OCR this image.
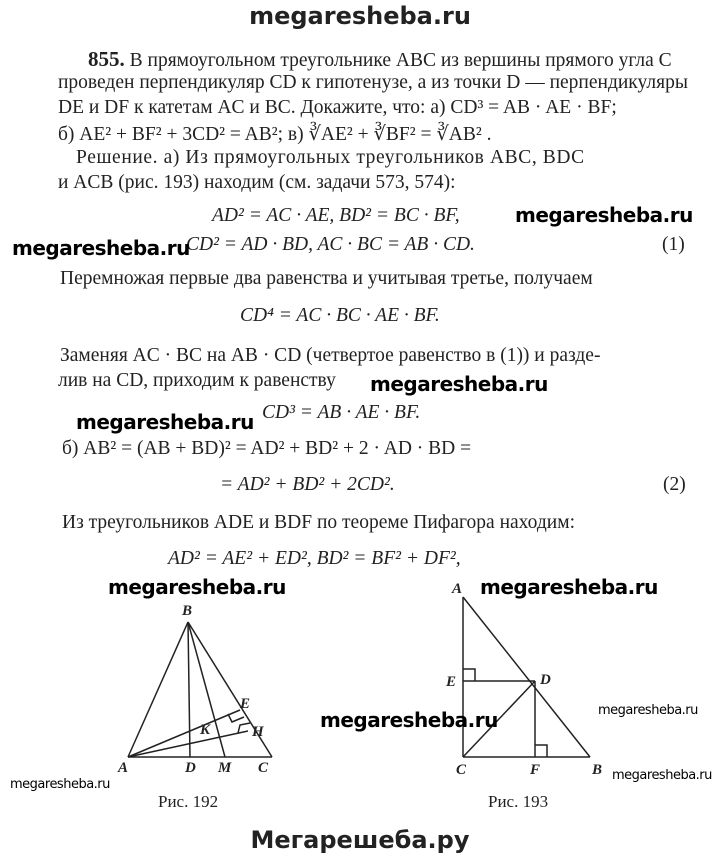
megaresheba.ru
855. В прямоугольном треугольнике ABC из вершины прямого угла C
проведен перпендикуляр CD к гипотенузе, а из точки D — перпендикуляры
DE и DF к катетам AC и BC. Докажите, что: а) CD³ = AB · AE · BF;
б) AE² + BF² + 3CD² = AB²; в) ∛AE² + ∛BF² = ∛AB² .
Решение. а) Из прямоугольных треугольников ABC, BDC
и ACB (рис. 193) находим (см. задачи 573, 574):
AD² = AC · AE, BD² = BC · BF,
CD² = AD · BD, AC · BC = AB · CD.	(1)
Перемножая первые два равенства и учитывая третье, получаем
CD⁴ = AC · BC · AE · BF.
Заменяя AC · BC на AB · CD (четвертое равенство в (1)) и разде-
лив на CD, приходим к равенству
CD³ = AB · AE · BF.
б) AB² = (AB + BD)² = AD² + BD² + 2 · AD · BD =
= AD² + BD² + 2CD².	(2)
Из треугольников ADE и BDF по теореме Пифагора находим:
AD² = AE² + ED², BD² = BF² + DF²,
B
A	D M C
E
H
K
Рис. 192
A
E	D
C	F	B
Рис. 193
megaresheba.ru
megaresheba.ru
megaresheba.ru
megaresheba.ru
megaresheba.ru	megaresheba.ru
megaresheba.ru
megaresheba.ru
megaresheba.ru
megaresheba.ru
Мегарешеба.ру
